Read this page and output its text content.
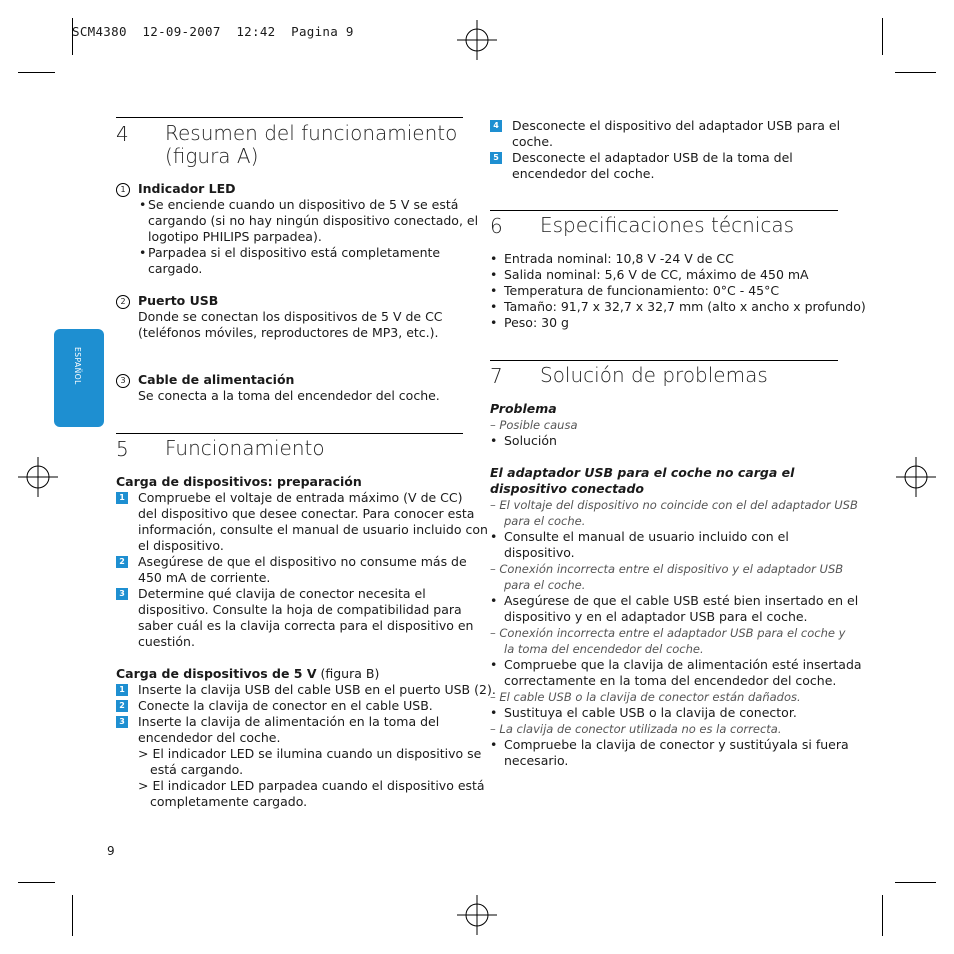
SCM4380  12-09-2007  12:42  Pagina 9
ESPAÑOL
4 Resumen del funcionamiento
(figura A)
1 Indicador LED
• Se enciende cuando un dispositivo de 5 V se está
cargando (si no hay ningún dispositivo conectado, el
logotipo PHILIPS parpadea).
• Parpadea si el dispositivo está completamente
cargado.
2 Puerto USB
Donde se conectan los dispositivos de 5 V de CC
(teléfonos móviles, reproductores de MP3, etc.).
3 Cable de alimentación
Se conecta a la toma del encendedor del coche.
5 Funcionamiento
Carga de dispositivos: preparación
1 Compruebe el voltaje de entrada máximo (V de CC)
del dispositivo que desee conectar. Para conocer esta
información, consulte el manual de usuario incluido con
el dispositivo.
2 Asegúrese de que el dispositivo no consume más de
450 mA de corriente.
3 Determine qué clavija de conector necesita el
dispositivo. Consulte la hoja de compatibilidad para
saber cuál es la clavija correcta para el dispositivo en
cuestión.
Carga de dispositivos de 5 V (figura B)
1 Inserte la clavija USB del cable USB en el puerto USB (2).
2 Conecte la clavija de conector en el cable USB.
3 Inserte la clavija de alimentación en la toma del
encendedor del coche.
> El indicador LED se ilumina cuando un dispositivo se
está cargando.
> El indicador LED parpadea cuando el dispositivo está
completamente cargado.
9
4 Desconecte el dispositivo del adaptador USB para el
coche.
5 Desconecte el adaptador USB de la toma del
encendedor del coche.
6 Especificaciones técnicas
• Entrada nominal: 10,8 V -24 V de CC
• Salida nominal: 5,6 V de CC, máximo de 450 mA
• Temperatura de funcionamiento: 0°C - 45°C
• Tamaño: 91,7 x 32,7 x 32,7 mm (alto x ancho x profundo)
• Peso: 30 g
7 Solución de problemas
Problema
– Posible causa
• Solución
El adaptador USB para el coche no carga el
dispositivo conectado
– El voltaje del dispositivo no coincide con el del adaptador USB
para el coche.
• Consulte el manual de usuario incluido con el
dispositivo.
– Conexión incorrecta entre el dispositivo y el adaptador USB
para el coche.
• Asegúrese de que el cable USB esté bien insertado en el
dispositivo y en el adaptador USB para el coche.
– Conexión incorrecta entre el adaptador USB para el coche y
la toma del encendedor del coche.
• Compruebe que la clavija de alimentación esté insertada
correctamente en la toma del encendedor del coche.
– El cable USB o la clavija de conector están dañados.
• Sustituya el cable USB o la clavija de conector.
– La clavija de conector utilizada no es la correcta.
• Compruebe la clavija de conector y sustitúyala si fuera
necesario.
